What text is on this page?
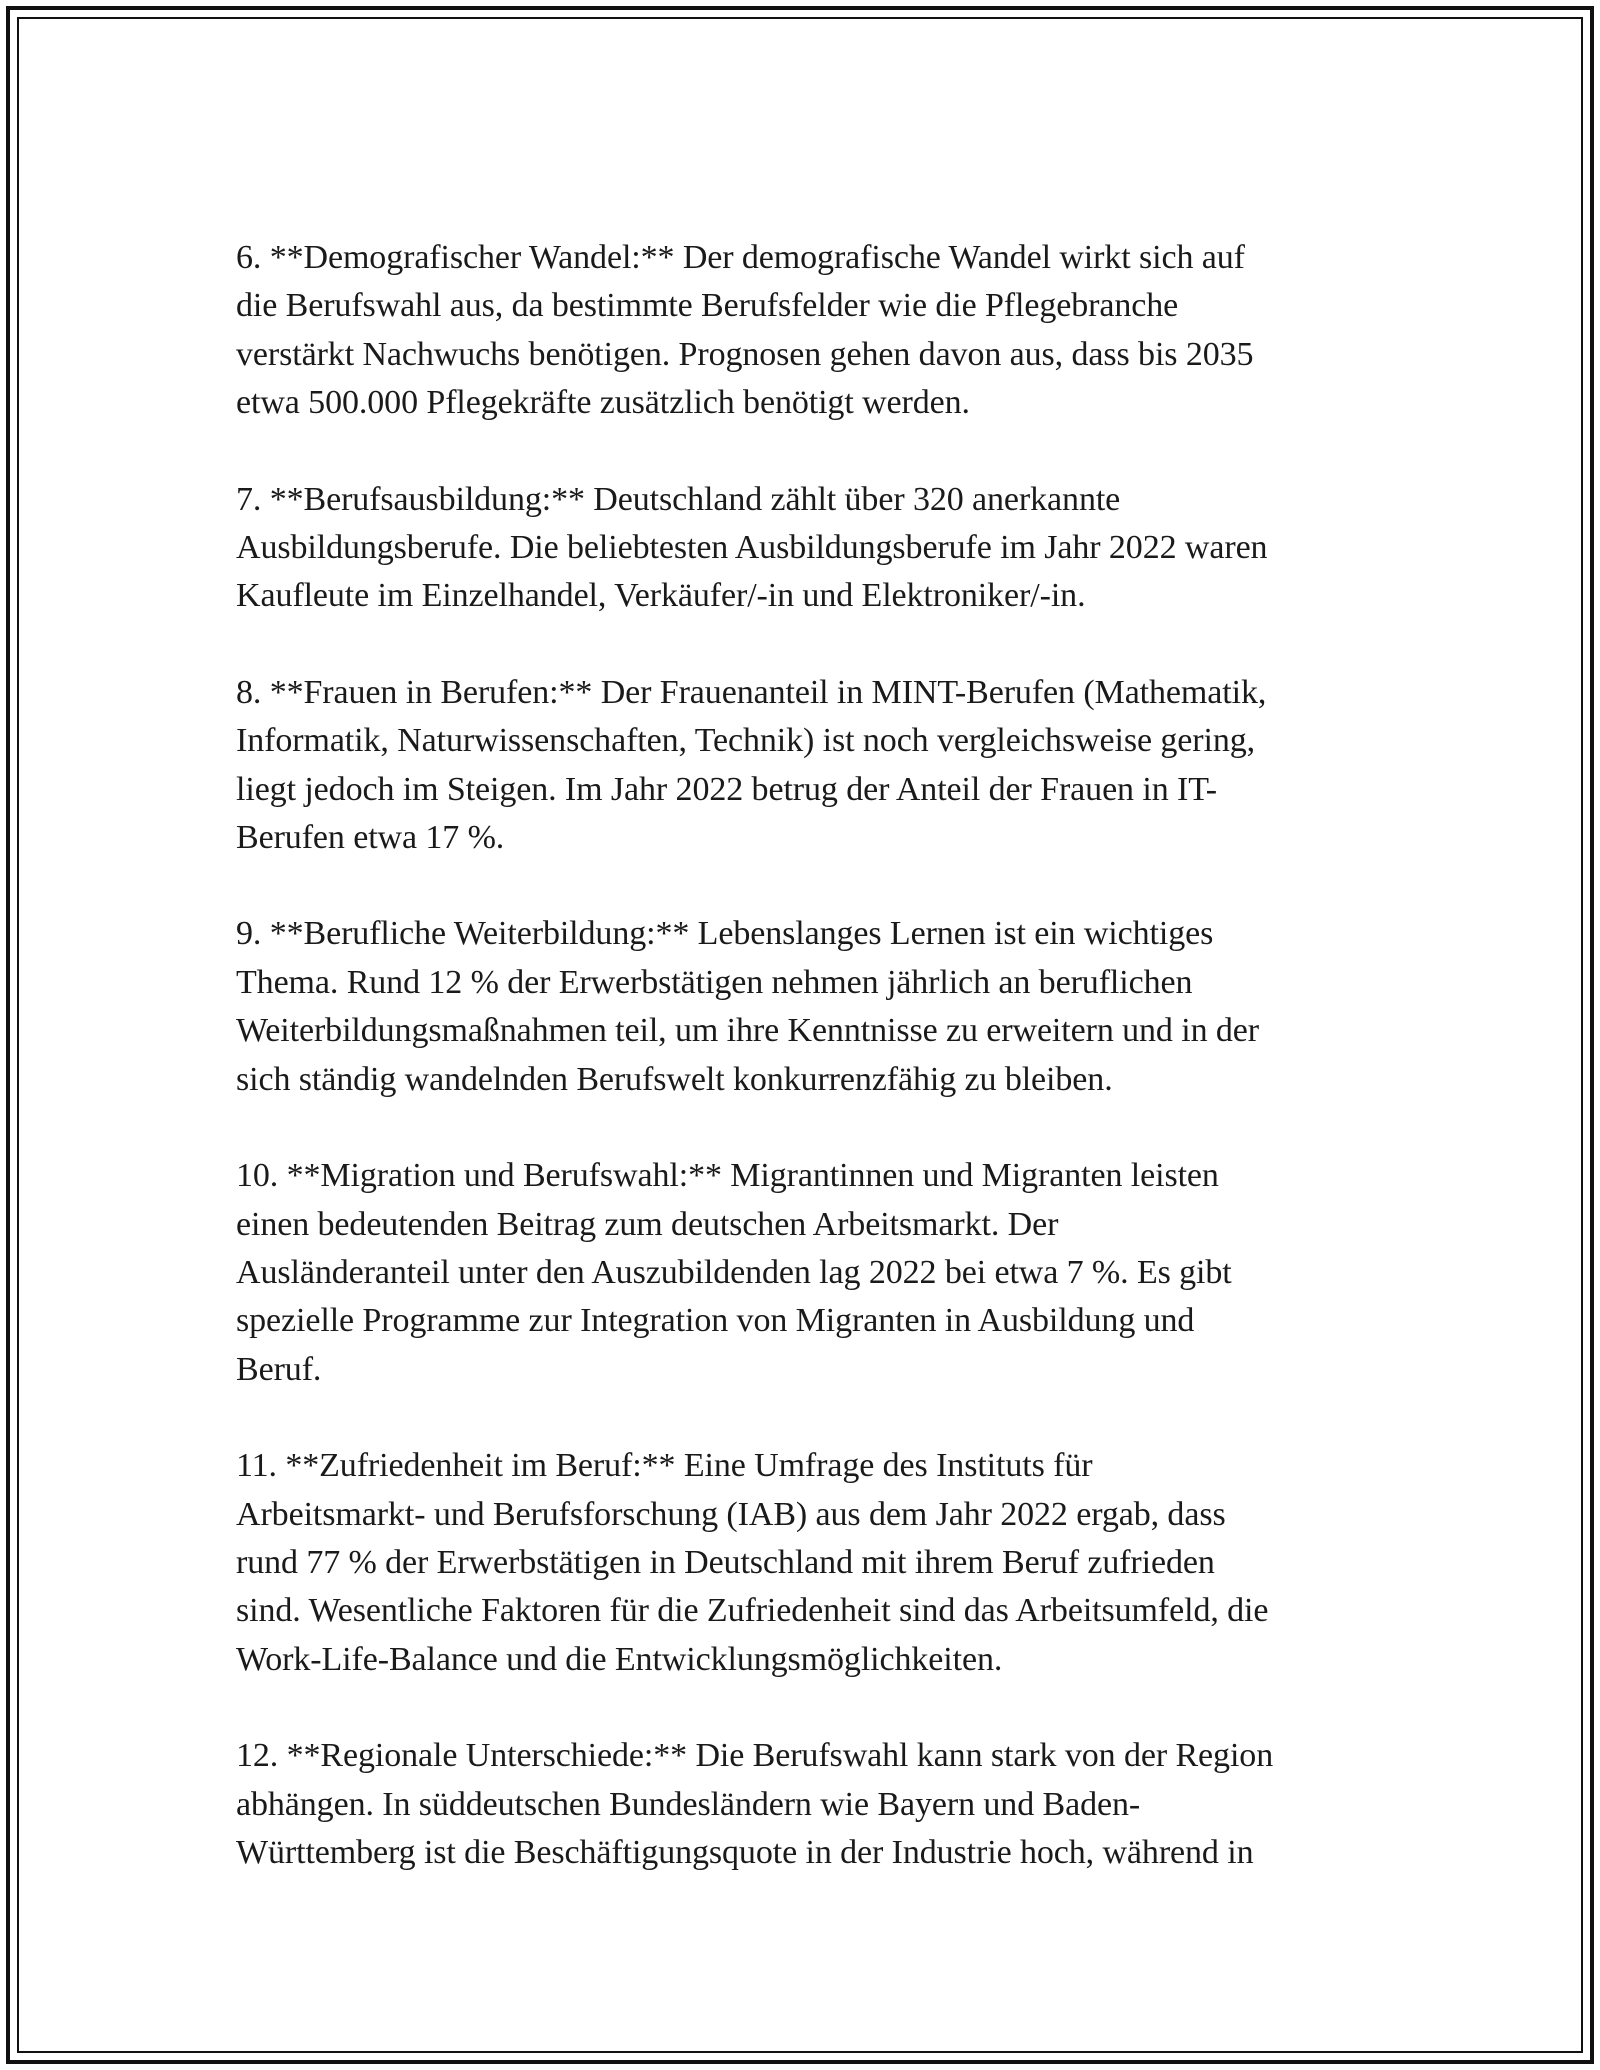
6. **Demografischer Wandel:** Der demografische Wandel wirkt sich auf
die Berufswahl aus, da bestimmte Berufsfelder wie die Pflegebranche
verstärkt Nachwuchs benötigen. Prognosen gehen davon aus, dass bis 2035
etwa 500.000 Pflegekräfte zusätzlich benötigt werden.
7. **Berufsausbildung:** Deutschland zählt über 320 anerkannte
Ausbildungsberufe. Die beliebtesten Ausbildungsberufe im Jahr 2022 waren
Kaufleute im Einzelhandel, Verkäufer/-in und Elektroniker/-in.
8. **Frauen in Berufen:** Der Frauenanteil in MINT-Berufen (Mathematik,
Informatik, Naturwissenschaften, Technik) ist noch vergleichsweise gering,
liegt jedoch im Steigen. Im Jahr 2022 betrug der Anteil der Frauen in IT-
Berufen etwa 17 %.
9. **Berufliche Weiterbildung:** Lebenslanges Lernen ist ein wichtiges
Thema. Rund 12 % der Erwerbstätigen nehmen jährlich an beruflichen
Weiterbildungsmaßnahmen teil, um ihre Kenntnisse zu erweitern und in der
sich ständig wandelnden Berufswelt konkurrenzfähig zu bleiben.
10. **Migration und Berufswahl:** Migrantinnen und Migranten leisten
einen bedeutenden Beitrag zum deutschen Arbeitsmarkt. Der
Ausländeranteil unter den Auszubildenden lag 2022 bei etwa 7 %. Es gibt
spezielle Programme zur Integration von Migranten in Ausbildung und
Beruf.
11. **Zufriedenheit im Beruf:** Eine Umfrage des Instituts für
Arbeitsmarkt- und Berufsforschung (IAB) aus dem Jahr 2022 ergab, dass
rund 77 % der Erwerbstätigen in Deutschland mit ihrem Beruf zufrieden
sind. Wesentliche Faktoren für die Zufriedenheit sind das Arbeitsumfeld, die
Work-Life-Balance und die Entwicklungsmöglichkeiten.
12. **Regionale Unterschiede:** Die Berufswahl kann stark von der Region
abhängen. In süddeutschen Bundesländern wie Bayern und Baden-
Württemberg ist die Beschäftigungsquote in der Industrie hoch, während in
